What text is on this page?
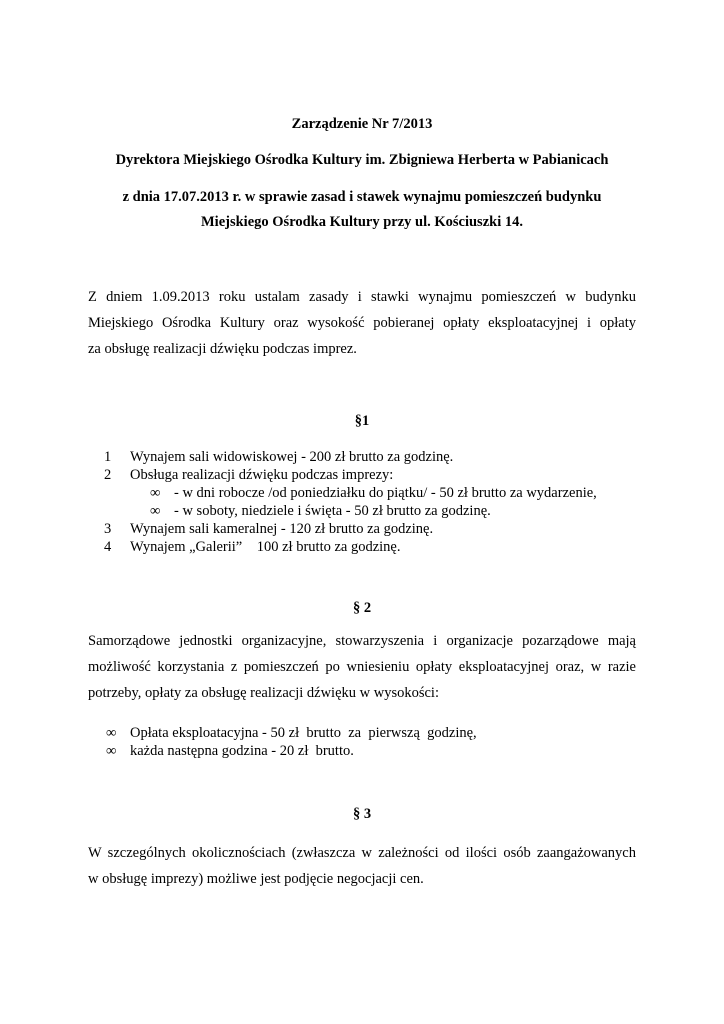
Zarządzenie Nr 7/2013
Dyrektora Miejskiego Ośrodka Kultury im. Zbigniewa Herberta w Pabianicach
z dnia 17.07.2013 r. w sprawie zasad i stawek wynajmu pomieszczeń budynku
Miejskiego Ośrodka Kultury przy ul. Kościuszki 14.
Z dniem 1.09.2013 roku ustalam zasady i stawki wynajmu pomieszczeń w budynku
Miejskiego Ośrodka Kultury oraz wysokość pobieranej opłaty eksploatacyjnej i opłaty
za obsługę realizacji dźwięku podczas imprez.
§1
1 Wynajem sali widowiskowej - 200 zł brutto za godzinę.
2 Obsługa realizacji dźwięku podczas imprezy:
∞ - w dni robocze /od poniedziałku do piątku/ - 50 zł brutto za wydarzenie,
∞ - w soboty, niedziele i święta - 50 zł brutto za godzinę.
3 Wynajem sali kameralnej - 120 zł brutto za godzinę.
4 Wynajem „Galerii”    100 zł brutto za godzinę.
§ 2
Samorządowe jednostki organizacyjne, stowarzyszenia i organizacje pozarządowe mają
możliwość korzystania z pomieszczeń po wniesieniu opłaty eksploatacyjnej oraz, w razie
potrzeby, opłaty za obsługę realizacji dźwięku w wysokości:
∞ Opłata eksploatacyjna - 50 zł  brutto  za  pierwszą  godzinę,
∞ każda następna godzina - 20 zł  brutto.
§ 3
W szczególnych okolicznościach (zwłaszcza w zależności od ilości osób zaangażowanych
w obsługę imprezy) możliwe jest podjęcie negocjacji cen.
